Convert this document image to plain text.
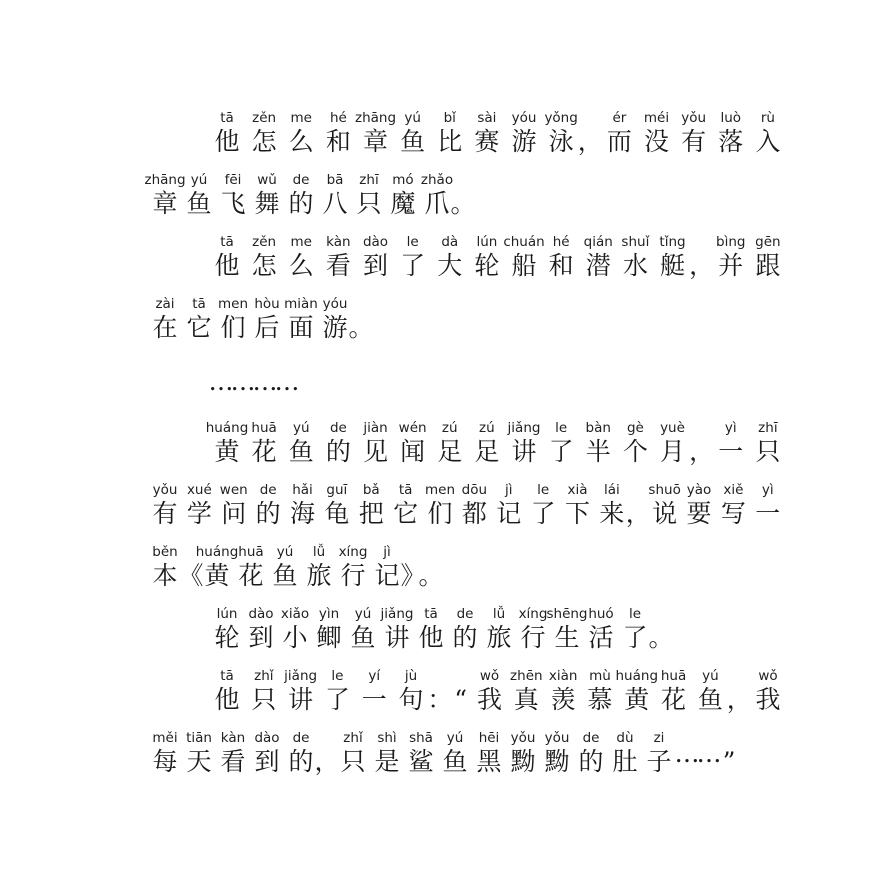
tā
他
zěn
怎
me
么
hé
和
zhāng
章
yú
鱼
bǐ
比
sài
赛
yóu
游
yǒng
泳 ，
ér
而
méi
没
yǒu
有
luò
落
rù
入
zhāng
章
yú
鱼
fēi
飞
wǔ
舞
de
的
bā
八
zhī
只
mó
魔
zhǎo
爪 。
tā
他
zěn
怎
me
么
kàn
看
dào
到
le
了
dà
大
lún
轮
chuán
船
hé
和
qián
潜
shuǐ
水
tǐng
艇 ，
bìng
并
gēn
跟
zài
在
tā
它
men
们
hòu
后
miàn
面
yóu
游 。
…
…
…
…
huáng
黄
huā
花
yú
鱼
de
的
jiàn
见
wén
闻
zú
足
zú
足
jiǎng
讲
le
了
bàn
半
gè
个
yuè
月 ，
yì
一
zhī
只
yǒu
有
xué
学
wen
问
de
的
hǎi
海
guī
龟
bǎ
把
tā
它
men
们
dōu
都
jì
记
le
了
xià
下
lái
来 ，
shuō
说
yào
要
xiě
写
yì
一
běn
本 《
huáng
黄
huā
花
yú
鱼
lǚ
旅
xíng
行
jì
记 》
。
lún
轮
dào
到
xiǎo
小
yìn
鲫
yú
鱼
jiǎng
讲
tā
他
de
的
lǚ
旅
xíng
行
shēng
生
huó
活
le
了 。
tā
他
zhǐ
只
jiǎng
讲
le
了
yí
一
jù
句 ： “
wǒ
我
zhēn
真
xiàn
羡
mù
慕
huáng
黄
huā
花
yú
鱼 ，
wǒ
我
měi
每
tiān
天
kàn
看
dào
到
de
的 ，
zhǐ
只
shì
是
shā
鲨
yú
鱼
hēi
黑
yǒu
黝
yǒu
黝
de
的
dù
肚
zi
子 …
… ”
